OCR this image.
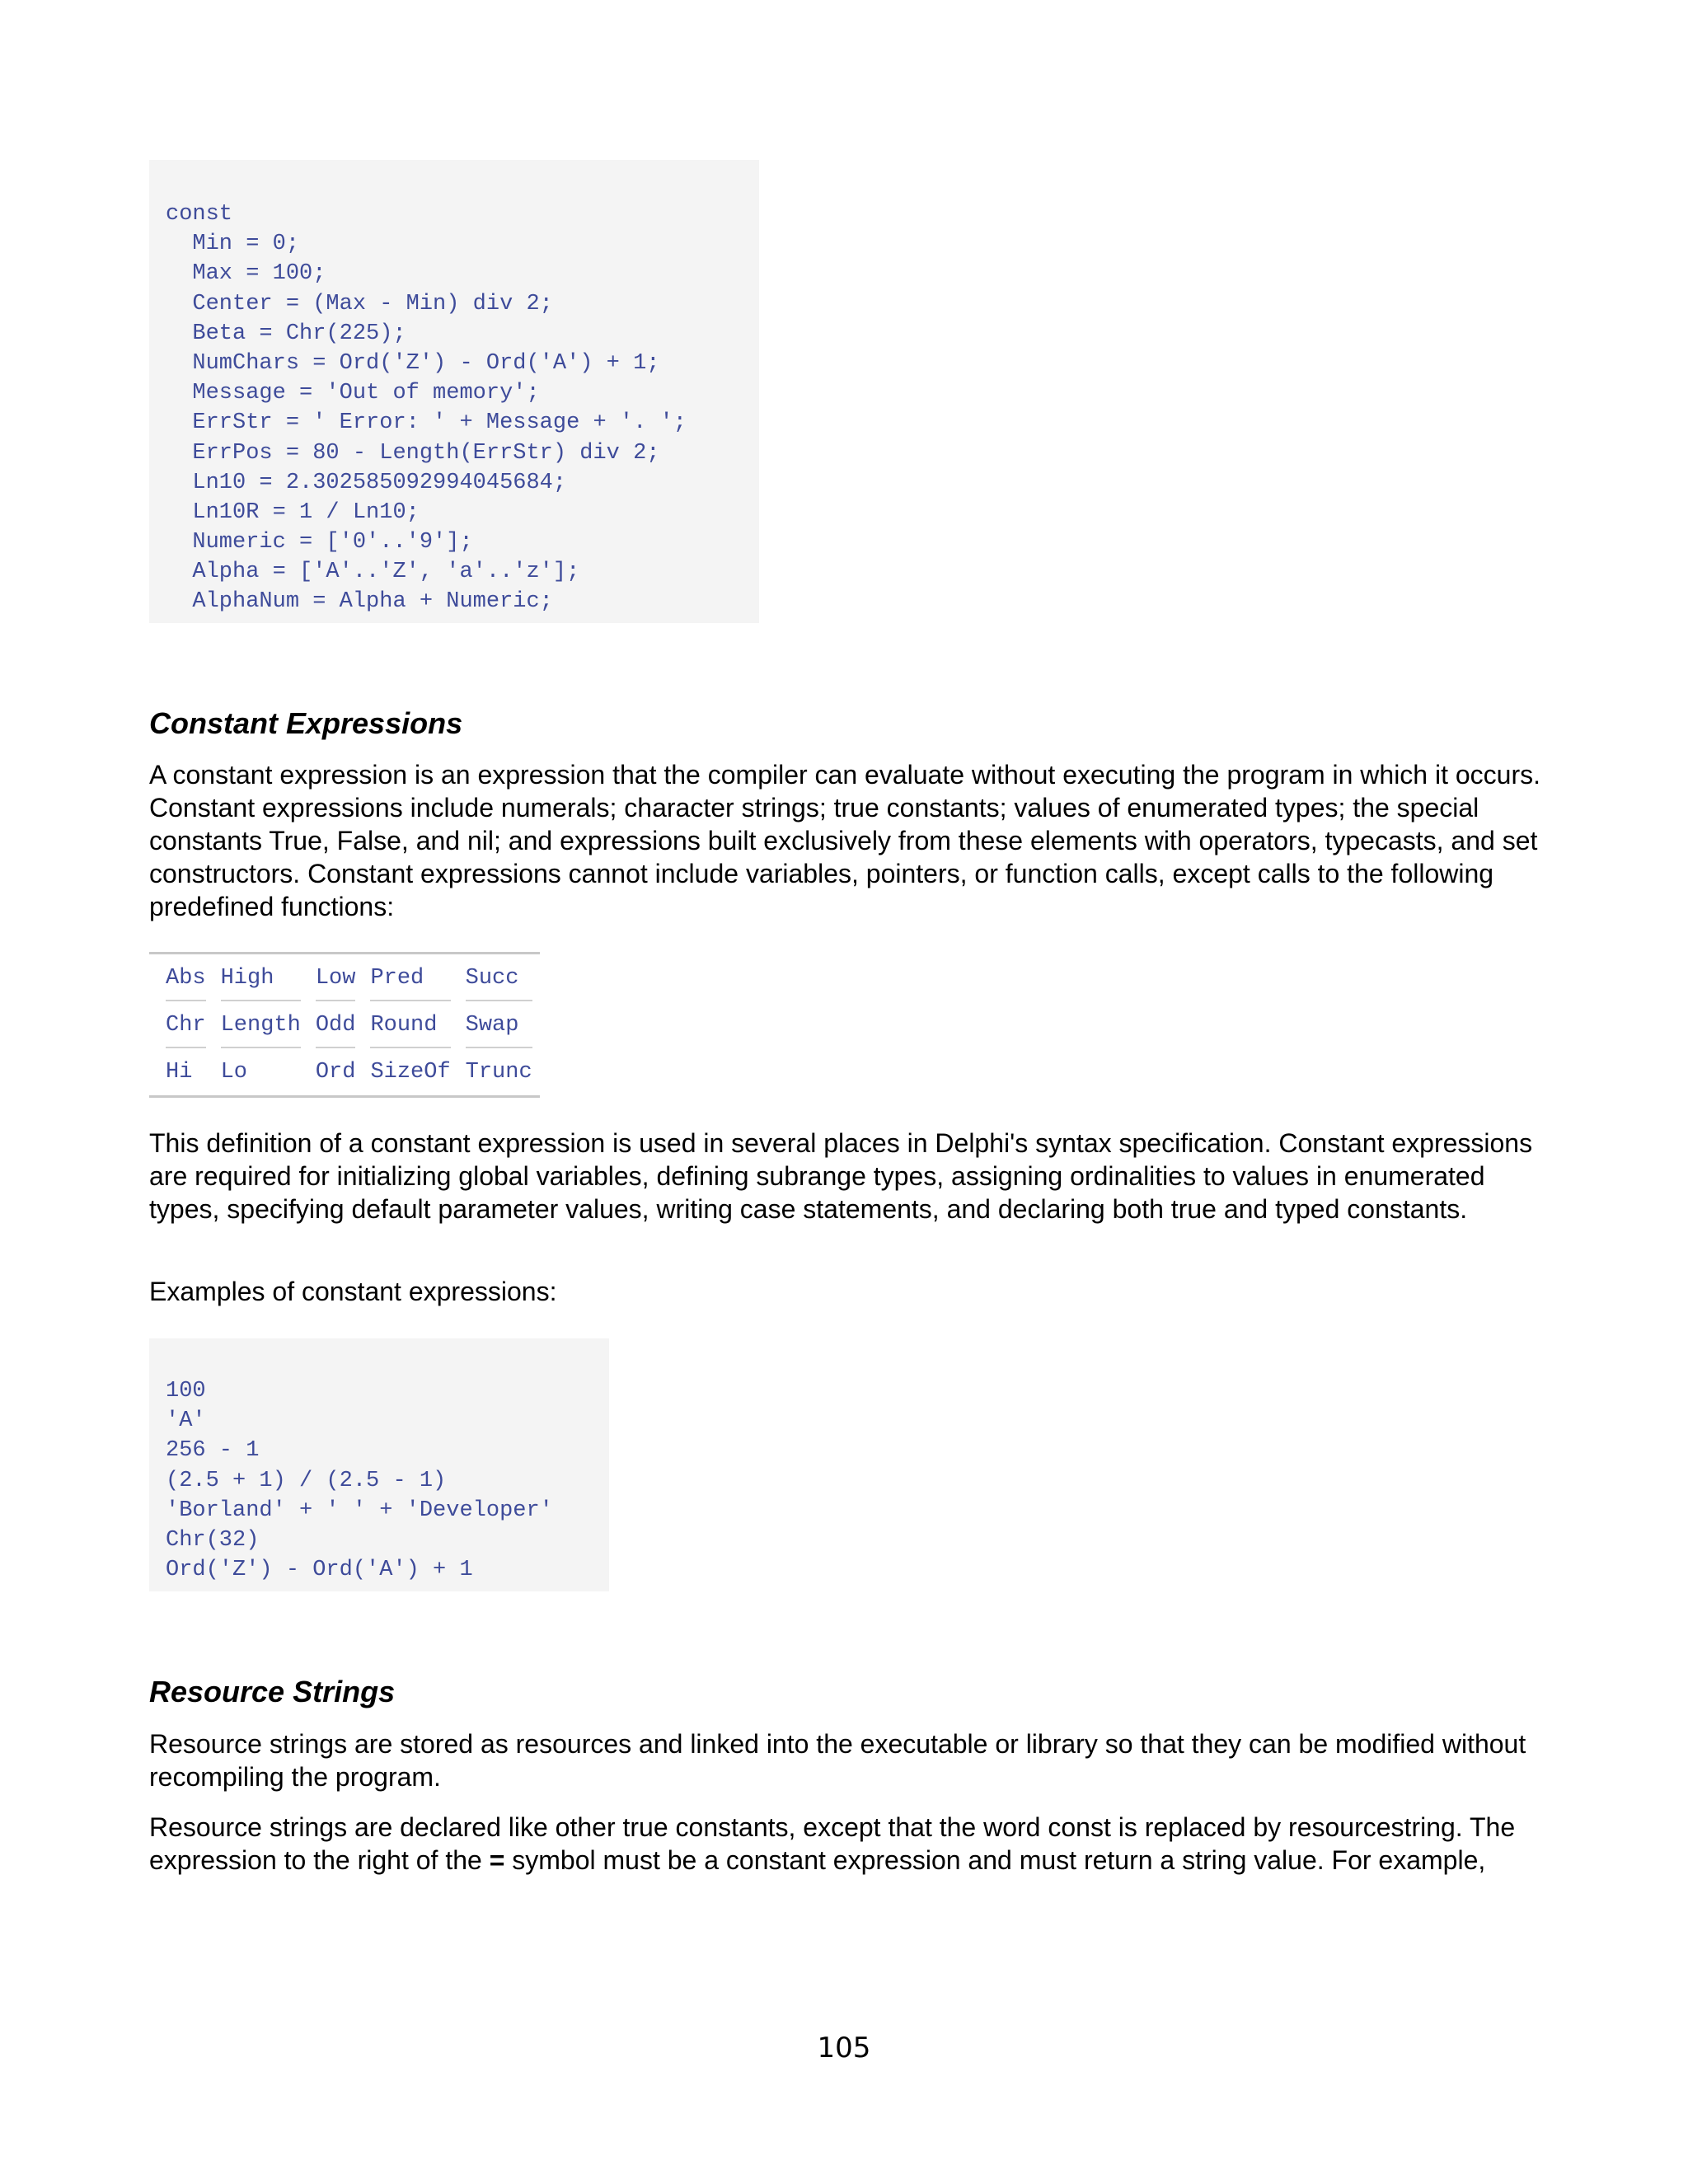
const
Min = 0;
Max = 100;
Center = (Max - Min) div 2;
Beta = Chr(225);
NumChars = Ord('Z') - Ord('A') + 1;
Message = 'Out of memory';
ErrStr = ' Error: ' + Message + '. ';
ErrPos = 80 - Length(ErrStr) div 2;
Ln10 = 2.302585092994045684;
Ln10R = 1 / Ln10;
Numeric = ['0'..'9'];
Alpha = ['A'..'Z', 'a'..'z'];
AlphaNum = Alpha + Numeric;
Constant Expressions

A constant expression is an expression that the compiler can evaluate without executing the program in which it occurs. Constant expressions include numerals; character strings; true constants; values of enumerated types; the special constants True, False, and nil; and expressions built exclusively from these elements with operators, typecasts, and set constructors. Constant expressions cannot include variables, pointers, or function calls, except calls to the following predefined functions:

Abs	High	Low	Pred	Succ
Chr	Length	Odd	Round	Swap
Hi	Lo	Ord	SizeOf	Trunc

This definition of a constant expression is used in several places in Delphi's syntax specification. Constant expressions are required for initializing global variables, defining subrange types, assigning ordinalities to values in enumerated types, specifying default parameter values, writing case statements, and declaring both true and typed constants.

Examples of constant expressions:

100
'A'
256 - 1
(2.5 + 1) / (2.5 - 1)
'Borland' + ' ' + 'Developer'
Chr(32)
Ord('Z') - Ord('A') + 1
Resource Strings

Resource strings are stored as resources and linked into the executable or library so that they can be modified without recompiling the program.

Resource strings are declared like other true constants, except that the word const is replaced by resourcestring. The expression to the right of the = symbol must be a constant expression and must return a string value. For example,

105
